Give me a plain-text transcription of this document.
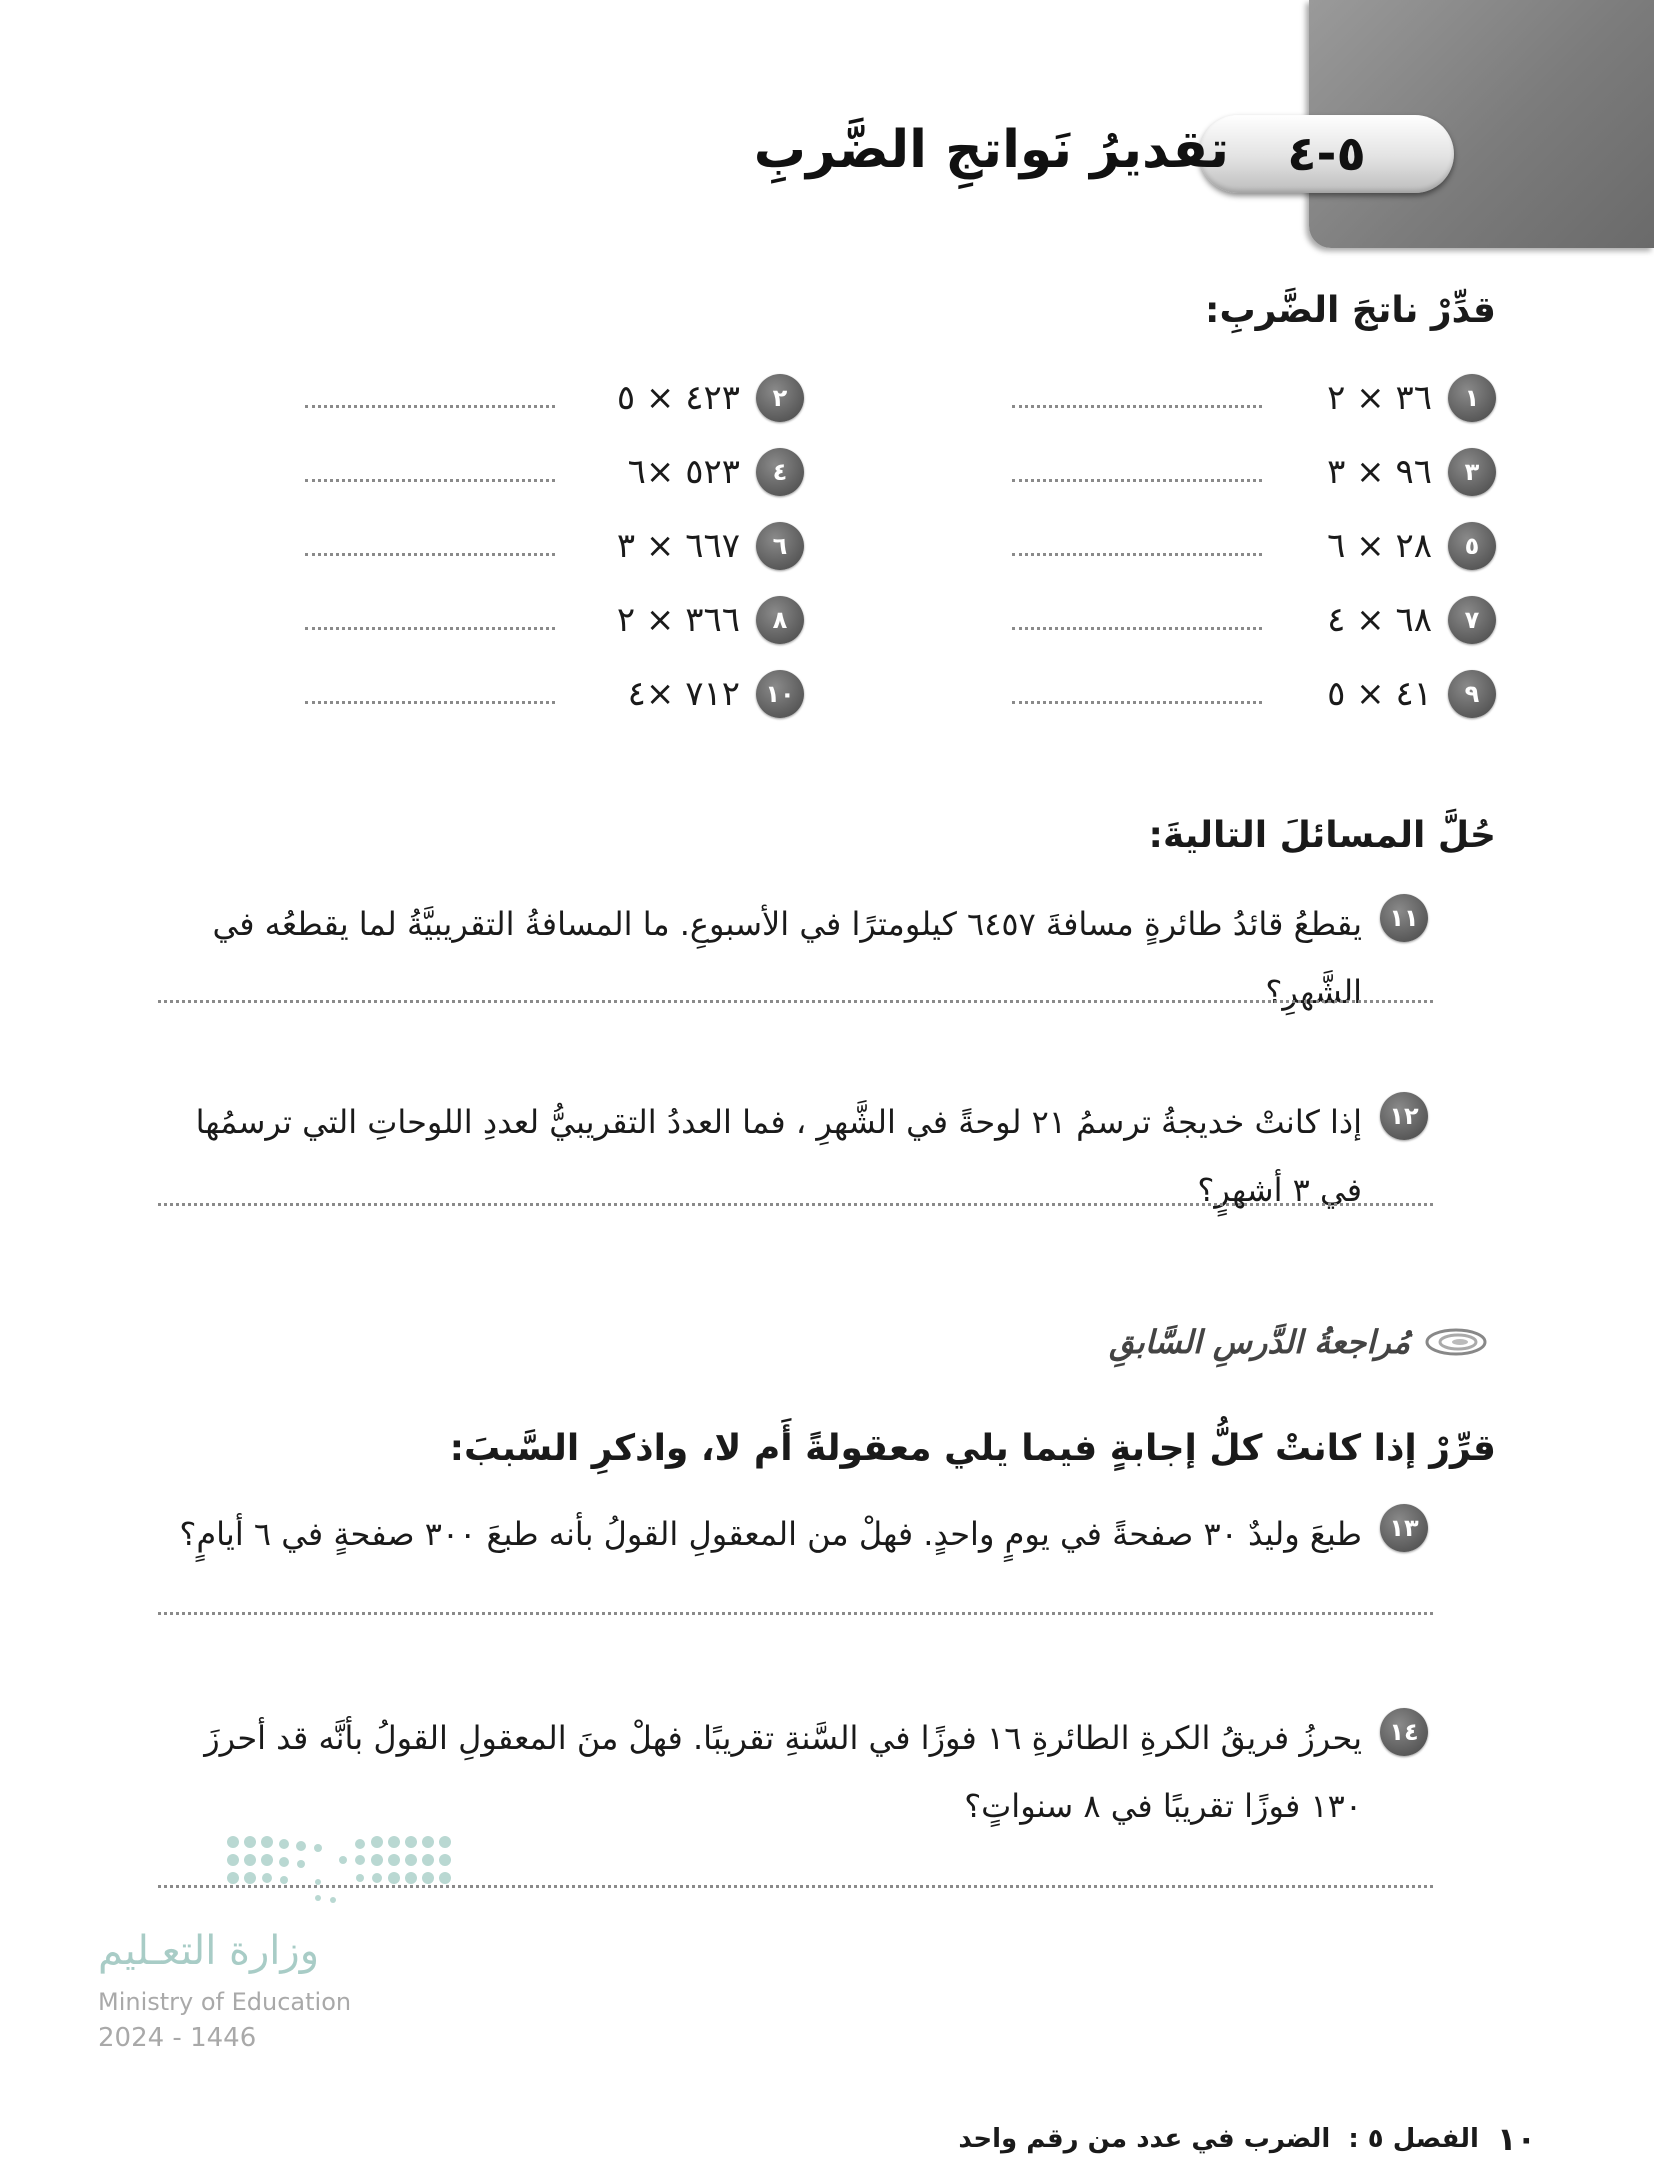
٥-٤
تقديرُ نَواتجِ الضَّربِ
قدِّرْ ناتجَ الضَّربِ:
١
٣٦ × ٢
٣
٩٦ × ٣
٥
٢٨ × ٦
٧
٦٨ × ٤
٩
٤١ × ٥
٢
٤٢٣ × ٥
٤
٥٢٣ ×٦
٦
٦٦٧ × ٣
٨
٣٦٦ × ٢
١٠
٧١٢ ×٤
حُلَّ المسائلَ التاليةَ:
١١
يقطعُ قائدُ طائرةٍ مسافةَ ٦٤٥٧ كيلومترًا في الأسبوعِ. ما المسافةُ التقريبيَّةُ لما يقطعُه في الشَّهرِ؟
١٢
إذا كانتْ خديجةُ ترسمُ ٢١ لوحةً في الشَّهرِ ، فما العددُ التقريبيُّ لعددِ اللوحاتِ التي ترسمُها في ٣ أشهرٍ؟
مُراجعةُ الدَّرسِ السَّابقِ
قرِّرْ إذا كانتْ كلُّ إجابةٍ فيما يلي معقولةً أَم لا، واذكرِ السَّببَ:
١٣
طبعَ وليدٌ ٣٠ صفحةً في يومٍ واحدٍ. فهلْ من المعقولِ القولُ بأنه طبعَ ٣٠٠ صفحةٍ في ٦ أيامٍ؟
١٤
يحرزُ فريقُ الكرةِ الطائرةِ ١٦ فوزًا في السَّنةِ تقريبًا. فهلْ منَ المعقولِ القولُ بأنَّه قد أحرزَ ١٣٠ فوزًا تقريبًا في ٨ سنواتٍ؟
وزارة التعـليم
Ministry of Education
2024 - 1446
١٠
الفصل ٥ :
الضرب في عدد من رقم واحد
